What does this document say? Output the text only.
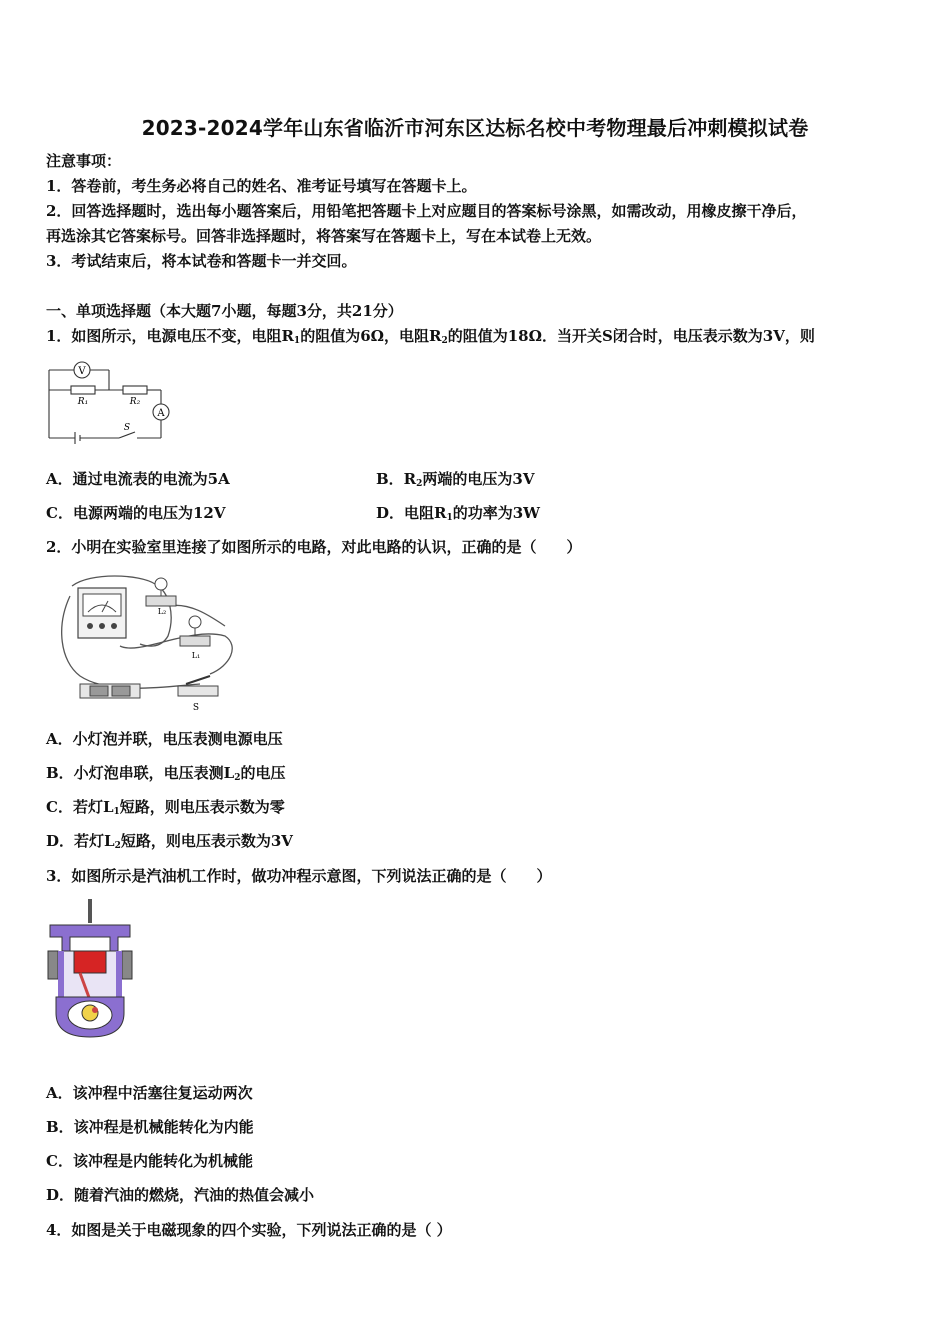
2023-2024学年山东省临沂市河东区达标名校中考物理最后冲刺模拟试卷
注意事项：
1．答卷前，考生务必将自己的姓名、准考证号填写在答题卡上。
2．回答选择题时，选出每小题答案后，用铅笔把答题卡上对应题目的答案标号涂黑，如需改动，用橡皮擦干净后，
再选涂其它答案标号。回答非选择题时，将答案写在答题卡上，写在本试卷上无效。
3．考试结束后，将本试卷和答题卡一并交回。
一、单项选择题（本大题7小题，每题3分，共21分）
1．如图所示，电源电压不变，电阻$R_1$的阻值为6Ω，电阻$R_2$的阻值为18Ω．当开关S闭合时，电压表示数为3V，则
V
A
R₁	R₂
S
A．通过电流表的电流为5A	B．$R_2$两端的电压为3V
C．电源两端的电压为12V	D．电阻$R_1$的功率为3W
2．小明在实验室里连接了如图所示的电路，对此电路的认识，正确的是（　　）
L₂
L₁
S
A．小灯泡并联，电压表测电源电压
B．小灯泡串联，电压表测$L_2$的电压
C．若灯$L_1$短路，则电压表示数为零
D．若灯$L_2$短路，则电压表示数为3V
3．如图所示是汽油机工作时，做功冲程示意图，下列说法正确的是（　　）
A．该冲程中活塞往复运动两次
B．该冲程是机械能转化为内能
C．该冲程是内能转化为机械能
D．随着汽油的燃烧，汽油的热值会减小
4．如图是关于电磁现象的四个实验，下列说法正确的是（ ）
